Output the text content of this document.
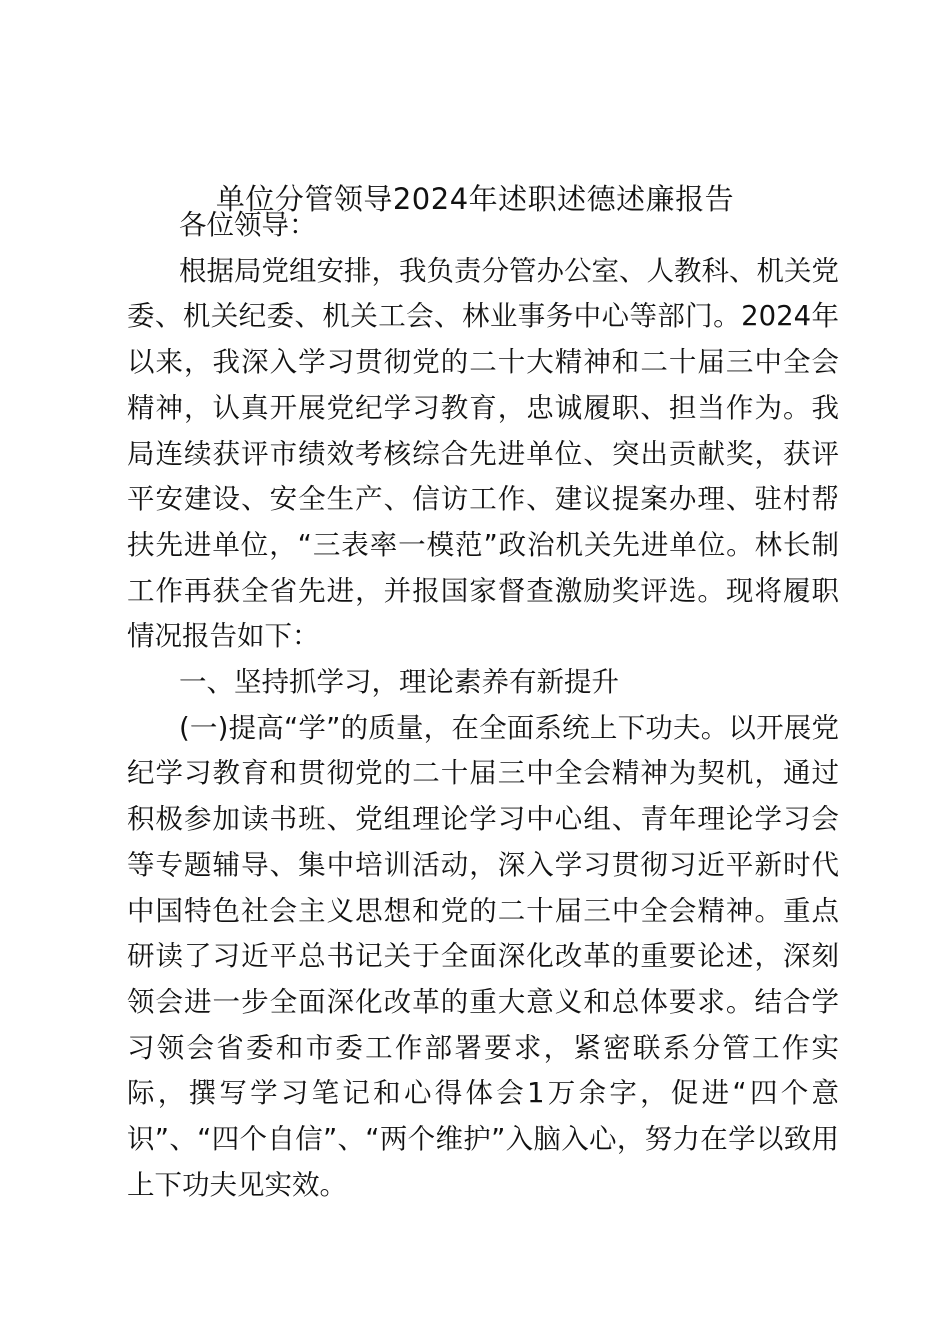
单位分管领导2024年述职述德述廉报告

各位领导：

根据局党组安排，我负责分管办公室、人教科、机关党委、机关纪委、机关工会、林业事务中心等部门。2024年以来，我深入学习贯彻党的二十大精神和二十届三中全会精神，认真开展党纪学习教育，忠诚履职、担当作为。我局连续获评市绩效考核综合先进单位、突出贡献奖，获评平安建设、安全生产、信访工作、建议提案办理、驻村帮扶先进单位，“三表率一模范”政治机关先进单位。林长制工作再获全省先进，并报国家督查激励奖评选。现将履职情况报告如下：

一、坚持抓学习，理论素养有新提升

(一)提高“学”的质量，在全面系统上下功夫。以开展党纪学习教育和贯彻党的二十届三中全会精神为契机，通过积极参加读书班、党组理论学习中心组、青年理论学习会等专题辅导、集中培训活动，深入学习贯彻习近平新时代中国特色社会主义思想和党的二十届三中全会精神。重点研读了习近平总书记关于全面深化改革的重要论述，深刻领会进一步全面深化改革的重大意义和总体要求。结合学习领会省委和市委工作部署要求，紧密联系分管工作实际，撰写学习笔记和心得体会1万余字，促进“四个意识”、“四个自信”、“两个维护”入脑入心，努力在学以致用上下功夫见实效。
